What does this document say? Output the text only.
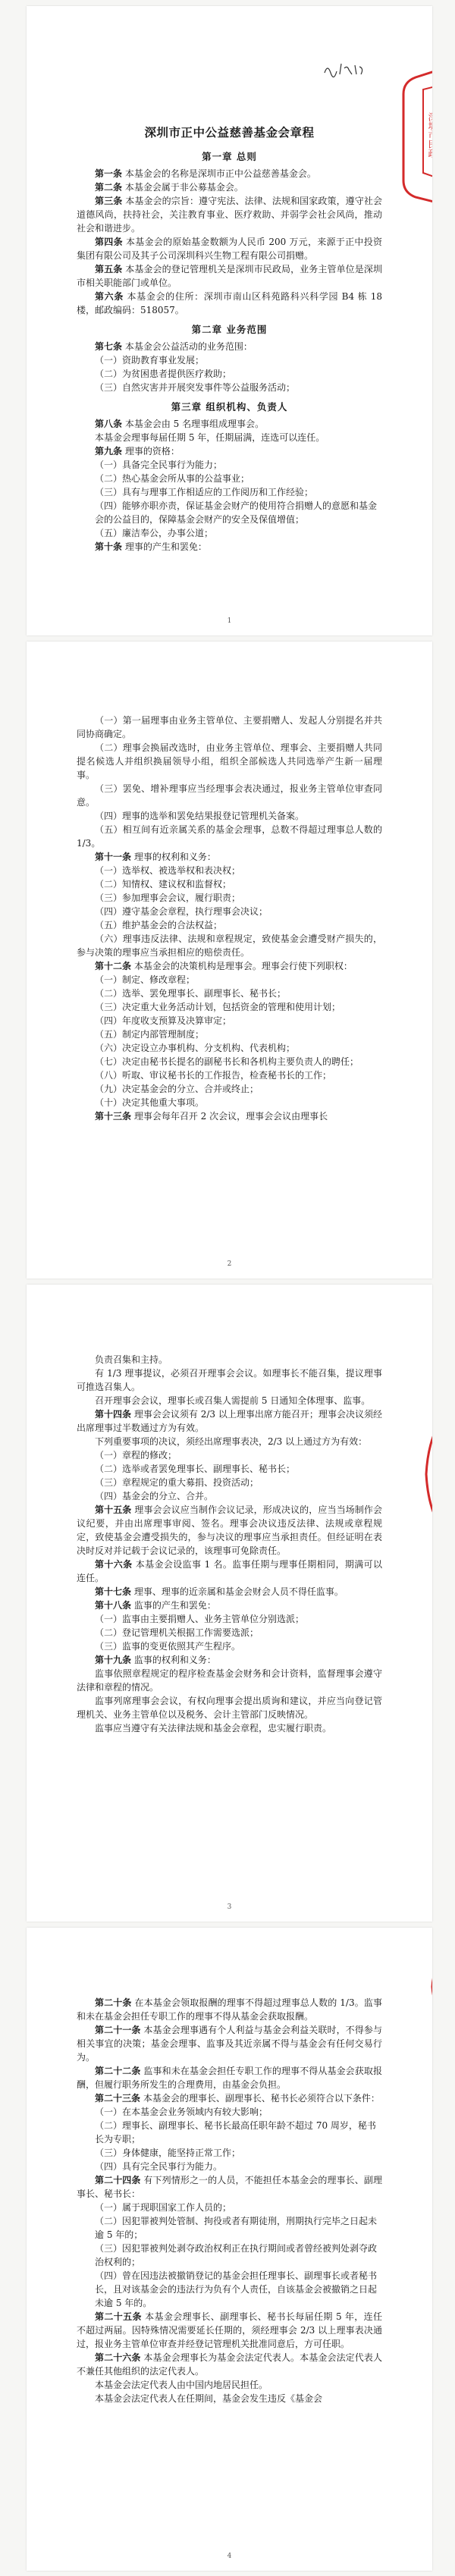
深圳市民政
深圳市正中公益慈善基金会章程
第一章 总则

第一条 本基金会的名称是深圳市正中公益慈善基金会。

第二条 本基金会属于非公募基金会。

第三条 本基金会的宗旨：遵守宪法、法律、法规和国家政策，遵守社会道德风尚，扶持社会，关注教育事业、医疗救助、并弱学会社会风尚，推动社会和谐进步。

第四条 本基金会的原始基金数额为人民币 200 万元，来源于正中投资集团有限公司及其子公司深圳科兴生物工程有限公司捐赠。

第五条 本基金会的登记管理机关是深圳市民政局，业务主管单位是深圳市相关职能部门或单位。

第六条 本基金会的住所：深圳市南山区科苑路科兴科学园 B4 栋 18 楼，邮政编码：518057。

第二章 业务范围

第七条 本基金会公益活动的业务范围：

（一）资助教育事业发展；

（二）为贫困患者提供医疗救助；

（三）自然灾害并开展突发事件等公益服务活动；

第三章 组织机构、负责人

第八条 本基金会由 5 名理事组成理事会。

本基金会理事每届任期 5 年，任期届满，连选可以连任。

第九条 理事的资格：

（一）具备完全民事行为能力；

（二）热心基金会所从事的公益事业；

（三）具有与理事工作相适应的工作阅历和工作经验；

（四）能够亦职亦责，保证基金会财产的使用符合捐赠人的意愿和基金会的公益目的，保障基金会财产的安全及保值增值；

（五）廉洁奉公，办事公道；

第十条 理事的产生和罢免：

1

（一）第一届理事由业务主管单位、主要捐赠人、发起人分别提名并共同协商确定。

（二）理事会换届改选时，由业务主管单位、理事会、主要捐赠人共同提名候选人并组织换届领导小组，组织全部候选人共同选举产生新一届理事。

（三）罢免、增补理事应当经理事会表决通过，报业务主管单位审查同意。

（四）理事的选举和罢免结果报登记管理机关备案。

（五）相互间有近亲属关系的基金会理事，总数不得超过理事总人数的 1/3。

第十一条 理事的权利和义务：

（一）选举权、被选举权和表决权；

（二）知情权、建议权和监督权；

（三）参加理事会会议，履行职责；

（四）遵守基金会章程，执行理事会决议；

（五）维护基金会的合法权益；

（六）理事违反法律、法规和章程规定，致使基金会遭受财产损失的，参与决策的理事应当承担相应的赔偿责任。

第十二条 本基金会的决策机构是理事会。理事会行使下列职权：

（一）制定、修改章程；

（二）选举、罢免理事长、副理事长、秘书长；

（三）决定重大业务活动计划，包括资金的管理和使用计划；

（四）年度收支预算及决算审定；

（五）制定内部管理制度；

（六）决定设立办事机构、分支机构、代表机构；

（七）决定由秘书长提名的副秘书长和各机构主要负责人的聘任；

（八）听取、审议秘书长的工作报告，检查秘书长的工作；

（九）决定基金会的分立、合并或终止；

（十）决定其他重大事项。

第十三条 理事会每年召开 2 次会议，理事会会议由理事长

2
基金会

负责召集和主持。

有 1/3 理事提议，必须召开理事会会议。如理事长不能召集，提议理事可推选召集人。

召开理事会会议，理事长或召集人需提前 5 日通知全体理事、监事。

第十四条 理事会会议须有 2/3 以上理事出席方能召开；理事会决议须经出席理事过半数通过方为有效。

下列重要事项的决议，须经出席理事表决，2/3 以上通过方为有效：

（一）章程的修改；

（二）选举或者罢免理事长、副理事长、秘书长；

（三）章程规定的重大募捐、投资活动；

（四）基金会的分立、合并。

第十五条 理事会会议应当制作会议记录，形成决议的，应当当场制作会议纪要，并由出席理事审阅、签名。理事会决议违反法律、法规或章程规定，致使基金会遭受损失的，参与决议的理事应当承担责任。但经证明在表决时反对并记载于会议记录的，该理事可免除责任。

第十六条 本基金会设监事 1 名。监事任期与理事任期相同，期满可以连任。

第十七条 理事、理事的近亲属和基金会财会人员不得任监事。

第十八条 监事的产生和罢免：

（一）监事由主要捐赠人、业务主管单位分别选派；

（二）登记管理机关根据工作需要选派；

（三）监事的变更依照其产生程序。

第十九条 监事的权利和义务：

监事依照章程规定的程序检查基金会财务和会计资料，监督理事会遵守法律和章程的情况。

监事列席理事会会议，有权向理事会提出质询和建议，并应当向登记管理机关、业务主管单位以及税务、会计主管部门反映情况。

监事应当遵守有关法律法规和基金会章程，忠实履行职责。

3

第二十条 在本基金会领取报酬的理事不得超过理事总人数的 1/3。监事和未在基金会担任专职工作的理事不得从基金会获取报酬。

第二十一条 本基金会理事遇有个人利益与基金会利益关联时，不得参与相关事宜的决策；基金会理事、监事及其近亲属不得与基金会有任何交易行为。

第二十二条 监事和未在基金会担任专职工作的理事不得从基金会获取报酬，但履行职务所发生的合理费用，由基金会负担。

第二十三条 本基金会的理事长、副理事长、秘书长必须符合以下条件：

（一）在本基金会业务领域内有较大影响；

（二）理事长、副理事长、秘书长最高任职年龄不超过 70 周岁，秘书长为专职；

（三）身体健康，能坚持正常工作；

（四）具有完全民事行为能力。

第二十四条 有下列情形之一的人员，不能担任本基金会的理事长、副理事长、秘书长：

（一）属于现职国家工作人员的；

（二）因犯罪被判处管制、拘役或者有期徒刑，刑期执行完毕之日起未逾 5 年的；

（三）因犯罪被判处剥夺政治权利正在执行期间或者曾经被判处剥夺政治权利的；

（四）曾在因违法被撤销登记的基金会担任理事长、副理事长或者秘书长，且对该基金会的违法行为负有个人责任，自该基金会被撤销之日起未逾 5 年的。

第二十五条 本基金会理事长、副理事长、秘书长每届任期 5 年，连任不超过两届。因特殊情况需要延长任期的，须经理事会 2/3 以上理事表决通过，报业务主管单位审查并经登记管理机关批准同意后，方可任职。

第二十六条 本基金会理事长为基金会法定代表人。本基金会法定代表人不兼任其他组织的法定代表人。

本基金会法定代表人由中国内地居民担任。

本基金会法定代表人在任期间，基金会发生违反《基金会

4
